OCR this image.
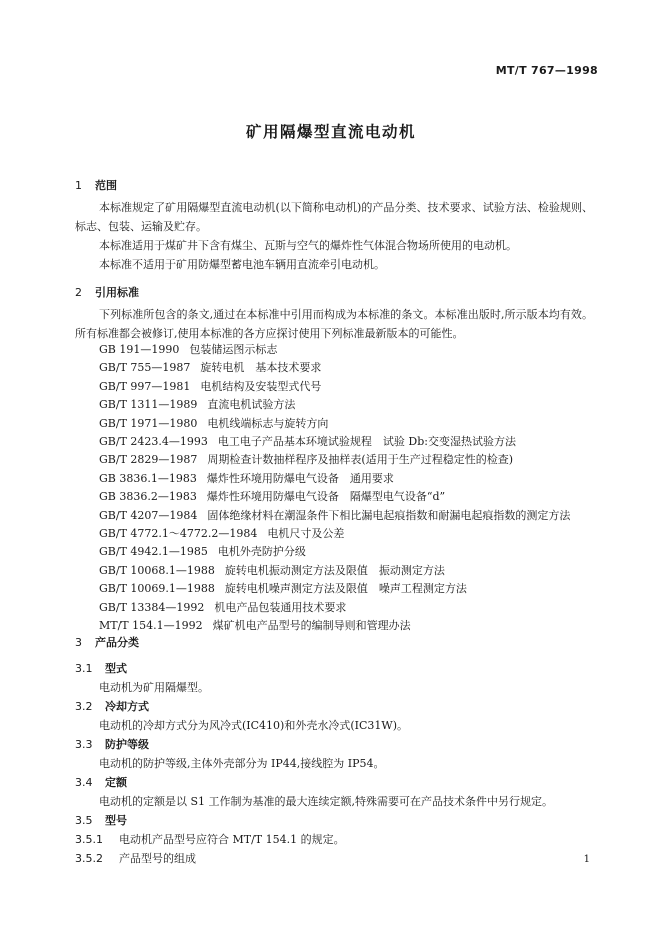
MT/T 767—1998
矿用隔爆型直流电动机
1 范围
本标准规定了矿用隔爆型直流电动机(以下简称电动机)的产品分类、技术要求、试验方法、检验规则、标志、包装、运输及贮存。
本标准适用于煤矿井下含有煤尘、瓦斯与空气的爆炸性气体混合物场所使用的电动机。
本标准不适用于矿用防爆型蓄电池车辆用直流牵引电动机。
2 引用标准
下列标准所包含的条文,通过在本标准中引用而构成为本标准的条文。本标准出版时,所示版本均有效。所有标准都会被修订,使用本标准的各方应探讨使用下列标准最新版本的可能性。
GB 191—1990 包装储运图示标志
GB/T 755—1987 旋转电机　基本技术要求
GB/T 997—1981 电机结构及安装型式代号
GB/T 1311—1989 直流电机试验方法
GB/T 1971—1980 电机线端标志与旋转方向
GB/T 2423.4—1993 电工电子产品基本环境试验规程　试验 Db:交变湿热试验方法
GB/T 2829—1987 周期检查计数抽样程序及抽样表(适用于生产过程稳定性的检查)
GB 3836.1—1983 爆炸性环境用防爆电气设备　通用要求
GB 3836.2—1983 爆炸性环境用防爆电气设备　隔爆型电气设备“d”
GB/T 4207—1984 固体绝缘材料在潮湿条件下相比漏电起痕指数和耐漏电起痕指数的测定方法
GB/T 4772.1～4772.2—1984 电机尺寸及公差
GB/T 4942.1—1985 电机外壳防护分级
GB/T 10068.1—1988 旋转电机振动测定方法及限值　振动测定方法
GB/T 10069.1—1988 旋转电机噪声测定方法及限值　噪声工程测定方法
GB/T 13384—1992 机电产品包装通用技术要求
MT/T 154.1—1992 煤矿机电产品型号的编制导则和管理办法
3 产品分类
3.1 型式
电动机为矿用隔爆型。
3.2 冷却方式
电动机的冷却方式分为风冷式(IC410)和外壳水冷式(IC31W)。
3.3 防护等级
电动机的防护等级,主体外壳部分为 IP44,接线腔为 IP54。
3.4 定额
电动机的定额是以 S1 工作制为基准的最大连续定额,特殊需要可在产品技术条件中另行规定。
3.5 型号
3.5.1 电动机产品型号应符合 MT/T 154.1 的规定。
3.5.2 产品型号的组成	1
